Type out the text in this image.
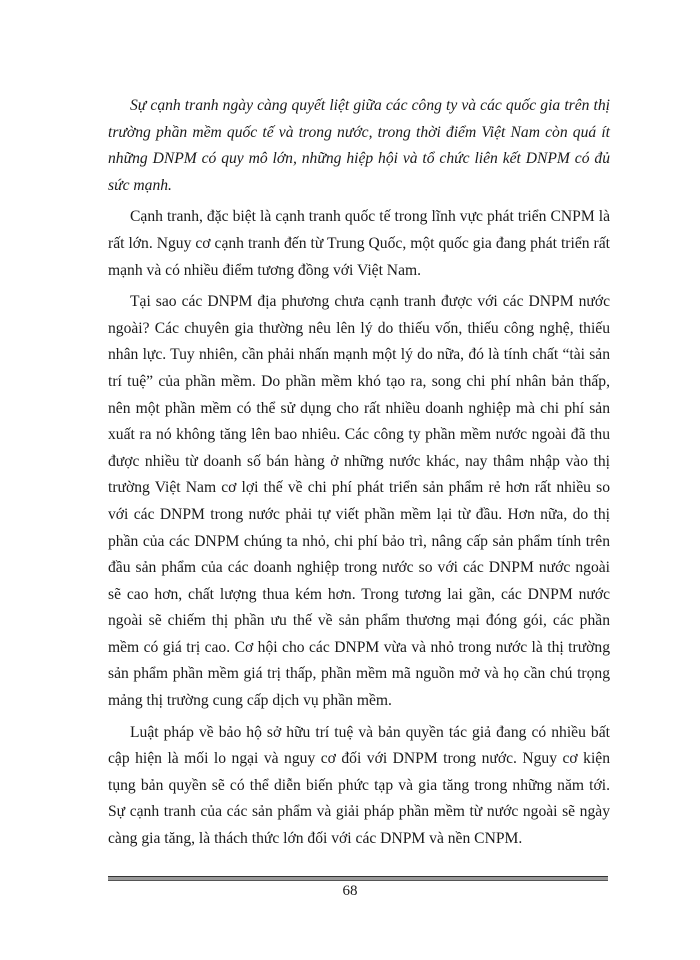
Sự cạnh tranh ngày càng quyết liệt giữa các công ty và các quốc gia trên thị trường phần mềm quốc tế và trong nước, trong thời điểm Việt Nam còn quá ít những DNPM có quy mô lớn, những hiệp hội và tổ chức liên kết DNPM có đủ sức mạnh.

Cạnh tranh, đặc biệt là cạnh tranh quốc tế trong lĩnh vực phát triển CNPM là rất lớn. Nguy cơ cạnh tranh đến từ Trung Quốc, một quốc gia đang phát triển rất mạnh và có nhiều điểm tương đồng với Việt Nam.

Tại sao các DNPM địa phương chưa cạnh tranh được với các DNPM nước ngoài? Các chuyên gia thường nêu lên lý do thiếu vốn, thiếu công nghệ, thiếu nhân lực. Tuy nhiên, cần phải nhấn mạnh một lý do nữa, đó là tính chất “tài sản trí tuệ” của phần mềm. Do phần mềm khó tạo ra, song chi phí nhân bản thấp, nên một phần mềm có thể sử dụng cho rất nhiều doanh nghiệp mà chi phí sản xuất ra nó không tăng lên bao nhiêu. Các công ty phần mềm nước ngoài đã thu được nhiều từ doanh số bán hàng ở những nước khác, nay thâm nhập vào thị trường Việt Nam cơ lợi thế về chi phí phát triển sản phẩm rẻ hơn rất nhiều so với các DNPM trong nước phải tự viết phần mềm lại từ đầu. Hơn nữa, do thị phần của các DNPM chúng ta nhỏ, chi phí bảo trì, nâng cấp sản phẩm tính trên đầu sản phẩm của các doanh nghiệp trong nước so với các DNPM nước ngoài sẽ cao hơn, chất lượng thua kém hơn. Trong tương lai gần, các DNPM nước ngoài sẽ chiếm thị phần ưu thế về sản phẩm thương mại đóng gói, các phần mềm có giá trị cao. Cơ hội cho các DNPM vừa và nhỏ trong nước là thị trường sản phẩm phần mềm giá trị thấp, phần mềm mã nguồn mở và họ cần chú trọng mảng thị trường cung cấp dịch vụ phần mềm.

Luật pháp về bảo hộ sở hữu trí tuệ và bản quyền tác giả đang có nhiều bất cập hiện là mối lo ngại và nguy cơ đối với DNPM trong nước. Nguy cơ kiện tụng bản quyền sẽ có thể diễn biến phức tạp và gia tăng trong những năm tới. Sự cạnh tranh của các sản phẩm và giải pháp phần mềm từ nước ngoài sẽ ngày càng gia tăng, là thách thức lớn đối với các DNPM và nền CNPM.

68
